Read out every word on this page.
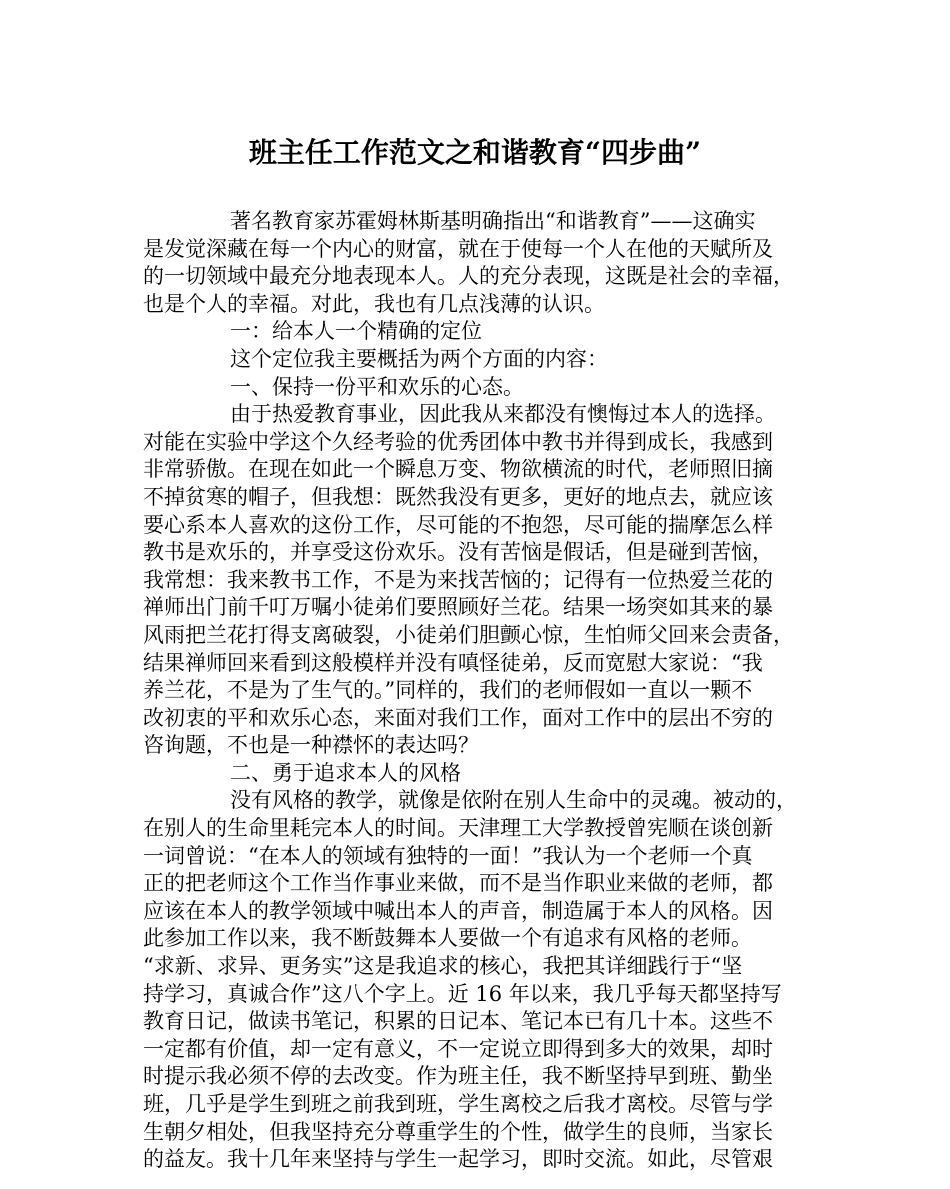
班主任工作范文之和谐教育“四步曲”
著名教育家苏霍姆林斯基明确指出“和谐教育”——这确实
是发觉深藏在每一个内心的财富，就在于使每一个人在他的天赋所及
的一切领域中最充分地表现本人。人的充分表现，这既是社会的幸福，
也是个人的幸福。对此，我也有几点浅薄的认识。
一：给本人一个精确的定位
这个定位我主要概括为两个方面的内容：
一、保持一份平和欢乐的心态。
由于热爱教育事业，因此我从来都没有懊悔过本人的选择。
对能在实验中学这个久经考验的优秀团体中教书并得到成长，我感到
非常骄傲。在现在如此一个瞬息万变、物欲横流的时代，老师照旧摘
不掉贫寒的帽子，但我想：既然我没有更多，更好的地点去，就应该
要心系本人喜欢的这份工作，尽可能的不抱怨，尽可能的揣摩怎么样
教书是欢乐的，并享受这份欢乐。没有苦恼是假话，但是碰到苦恼，
我常想：我来教书工作，不是为来找苦恼的；记得有一位热爱兰花的
禅师出门前千叮万嘱小徒弟们要照顾好兰花。结果一场突如其来的暴
风雨把兰花打得支离破裂，小徒弟们胆颤心惊，生怕师父回来会责备，
结果禅师回来看到这般模样并没有嗔怪徒弟，反而宽慰大家说：“我
养兰花，不是为了生气的。”同样的，我们的老师假如一直以一颗不
改初衷的平和欢乐心态，来面对我们工作，面对工作中的层出不穷的
咨询题，不也是一种襟怀的表达吗？
二、勇于追求本人的风格
没有风格的教学，就像是依附在别人生命中的灵魂。被动的，
在别人的生命里耗完本人的时间。天津理工大学教授曾宪顺在谈创新
一词曾说：“在本人的领域有独特的一面！”我认为一个老师一个真
正的把老师这个工作当作事业来做，而不是当作职业来做的老师，都
应该在本人的教学领域中喊出本人的声音，制造属于本人的风格。因
此参加工作以来，我不断鼓舞本人要做一个有追求有风格的老师。
“求新、求异、更务实”这是我追求的核心，我把其详细践行于“坚
持学习，真诚合作”这八个字上。近 16 年以来，我几乎每天都坚持写
教育日记，做读书笔记，积累的日记本、笔记本已有几十本。这些不
一定都有价值，却一定有意义，不一定说立即得到多大的效果，却时
时提示我必须不停的去改变。作为班主任，我不断坚持早到班、勤坐
班，几乎是学生到班之前我到班，学生离校之后我才离校。尽管与学
生朝夕相处，但我坚持充分尊重学生的个性，做学生的良师，当家长
的益友。我十几年来坚持与学生一起学习，即时交流。如此，尽管艰
